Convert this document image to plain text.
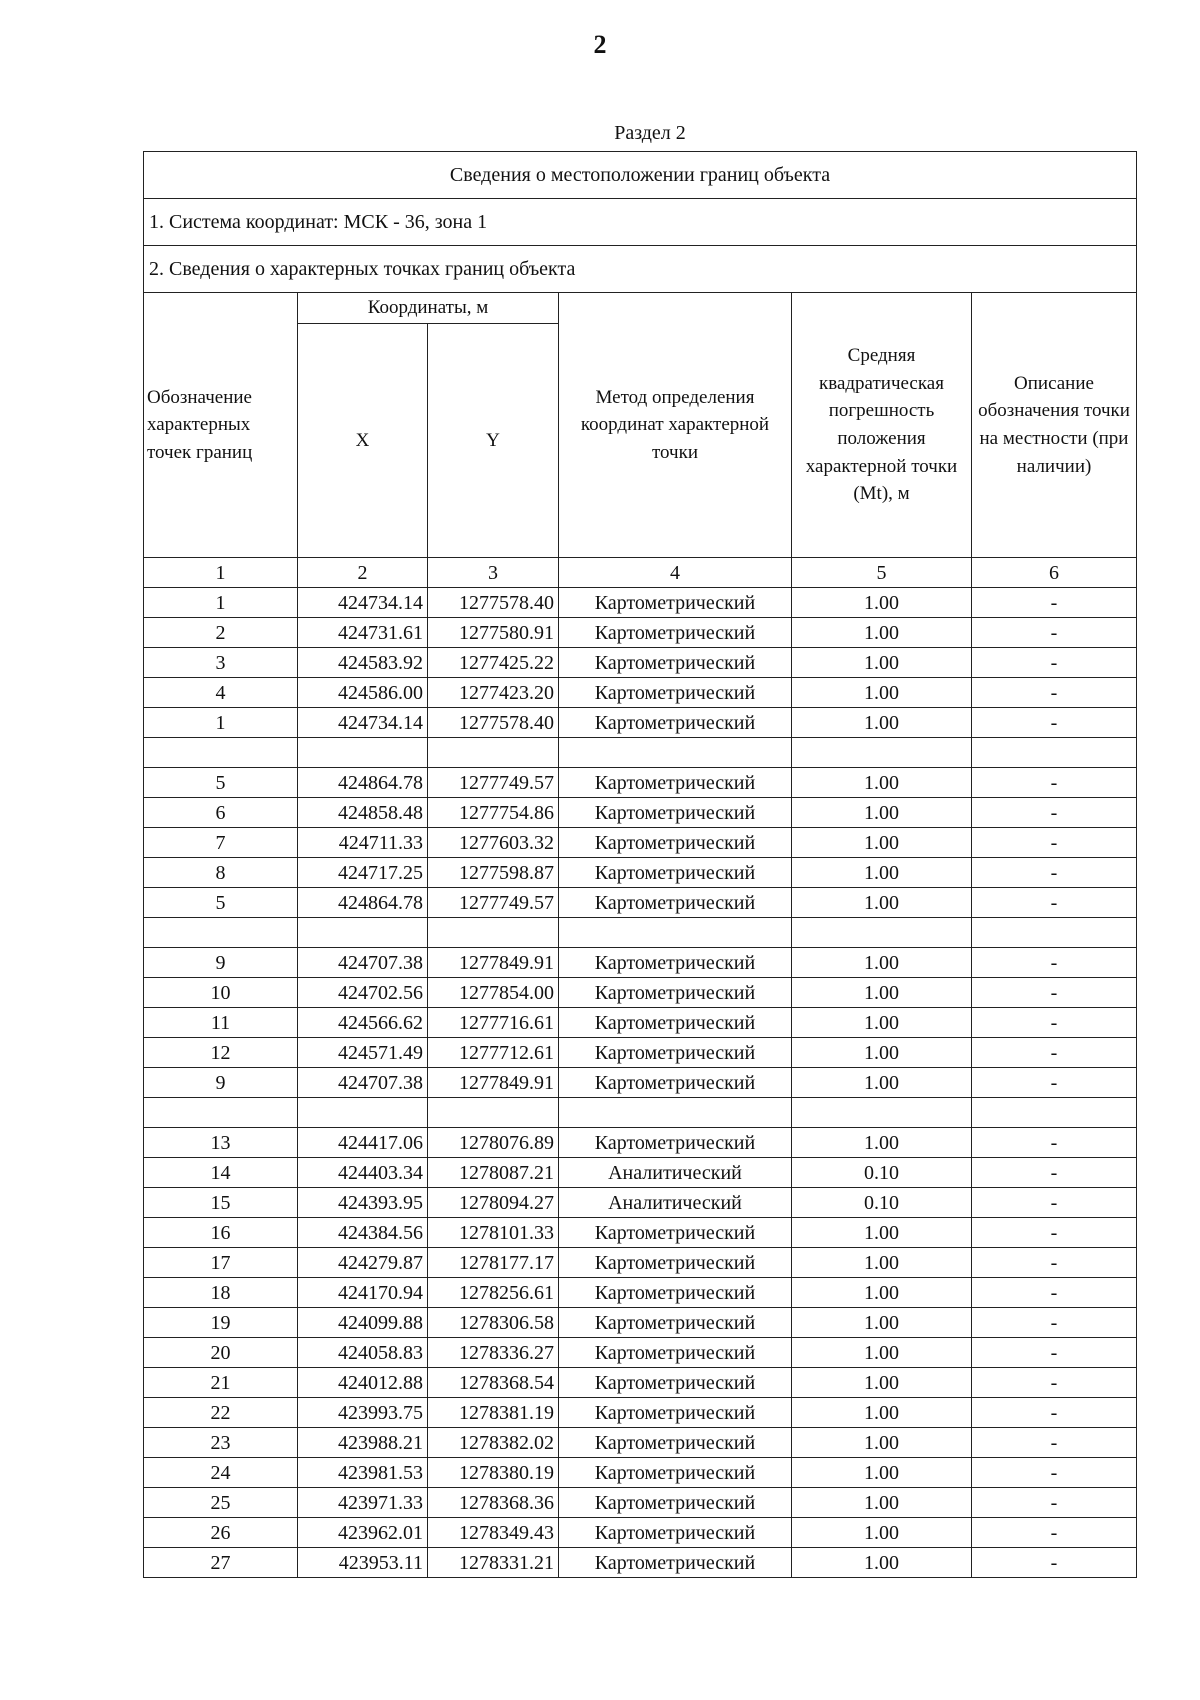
2
Раздел 2
Сведения о местоположении границ объекта					
1. Система координат: МСК - 36, зона 1					
2. Сведения о характерных точках границ объекта					
Обозначение характерных точек границ	Координаты, м		Метод определения координат характерной точки	Средняя квадратическая погрешность положения характерной точки (Mt), м	Описание обозначения точки на местности (при наличии)
	X	Y			
1	2	3	4	5	6
1	424734.14	1277578.40	Картометрический	1.00	-
2	424731.61	1277580.91	Картометрический	1.00	-
3	424583.92	1277425.22	Картометрический	1.00	-
4	424586.00	1277423.20	Картометрический	1.00	-
1	424734.14	1277578.40	Картометрический	1.00	-

5	424864.78	1277749.57	Картометрический	1.00	-
6	424858.48	1277754.86	Картометрический	1.00	-
7	424711.33	1277603.32	Картометрический	1.00	-
8	424717.25	1277598.87	Картометрический	1.00	-
5	424864.78	1277749.57	Картометрический	1.00	-

9	424707.38	1277849.91	Картометрический	1.00	-
10	424702.56	1277854.00	Картометрический	1.00	-
11	424566.62	1277716.61	Картометрический	1.00	-
12	424571.49	1277712.61	Картометрический	1.00	-
9	424707.38	1277849.91	Картометрический	1.00	-

13	424417.06	1278076.89	Картометрический	1.00	-
14	424403.34	1278087.21	Аналитический	0.10	-
15	424393.95	1278094.27	Аналитический	0.10	-
16	424384.56	1278101.33	Картометрический	1.00	-
17	424279.87	1278177.17	Картометрический	1.00	-
18	424170.94	1278256.61	Картометрический	1.00	-
19	424099.88	1278306.58	Картометрический	1.00	-
20	424058.83	1278336.27	Картометрический	1.00	-
21	424012.88	1278368.54	Картометрический	1.00	-
22	423993.75	1278381.19	Картометрический	1.00	-
23	423988.21	1278382.02	Картометрический	1.00	-
24	423981.53	1278380.19	Картометрический	1.00	-
25	423971.33	1278368.36	Картометрический	1.00	-
26	423962.01	1278349.43	Картометрический	1.00	-
27	423953.11	1278331.21	Картометрический	1.00	-
